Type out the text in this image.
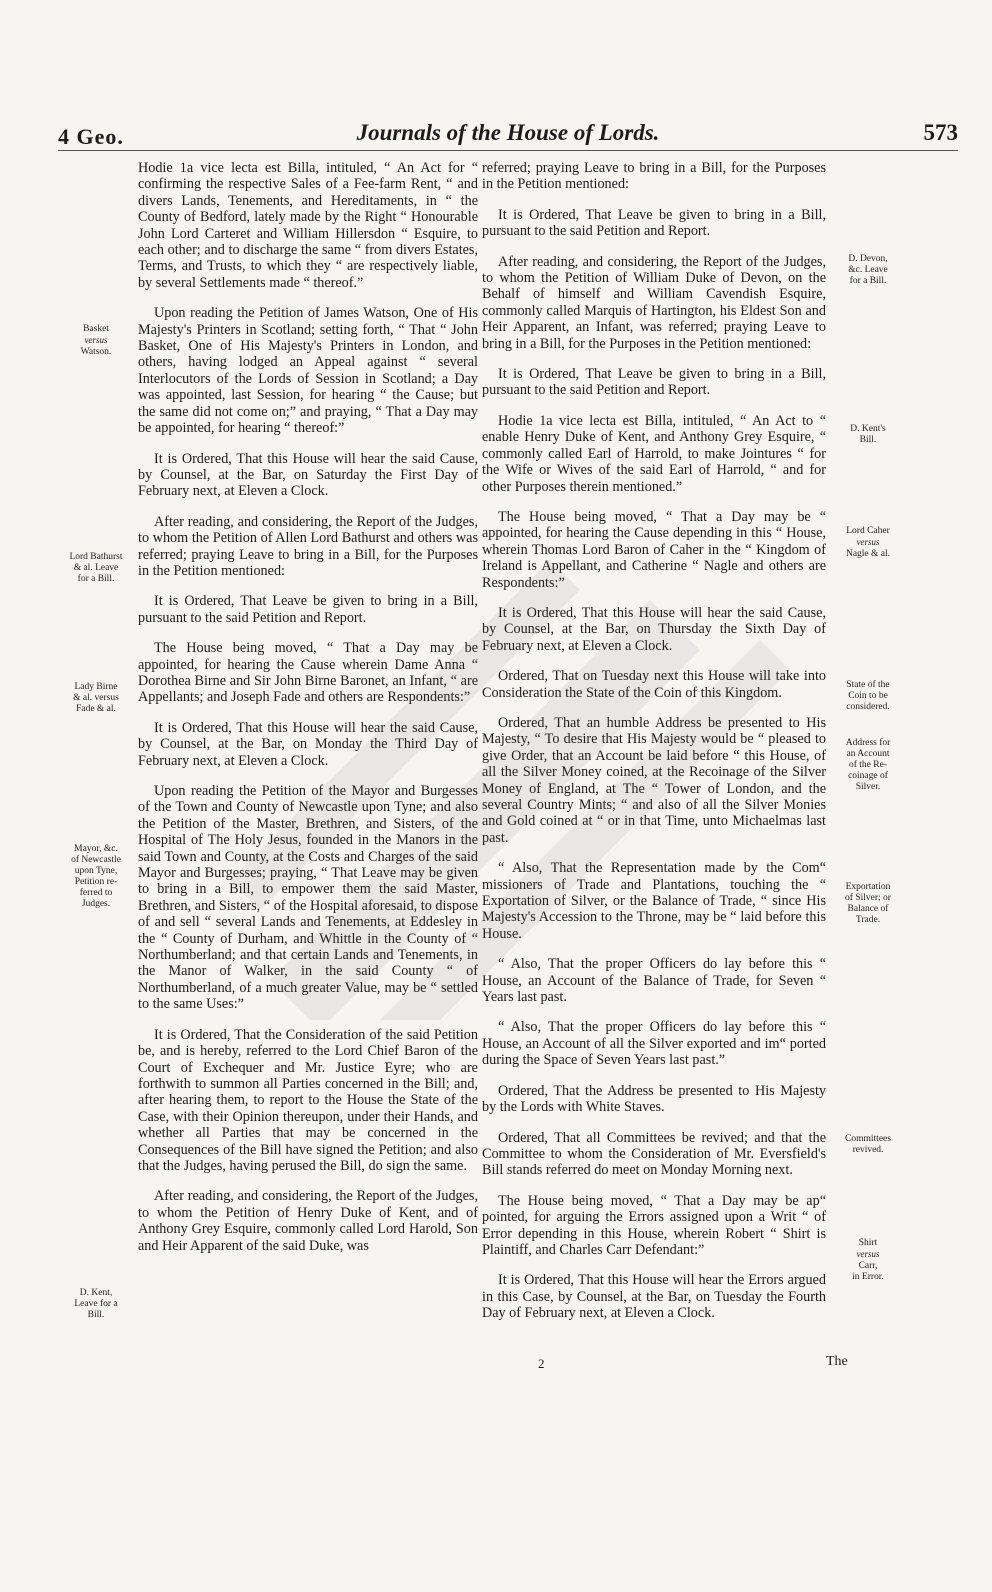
4 Geo.	Journals of the House of Lords.	573

Hodie 1a vice lecta est Billa, intituled, “ An Act for “ confirming the respective Sales of a Fee-farm Rent, “ and divers Lands, Tenements, and Hereditaments, in “ the County of Bedford, lately made by the Right “ Honourable John Lord Carteret and William Hillersdon “ Esquire, to each other; and to discharge the same “ from divers Estates, Terms, and Trusts, to which they “ are respectively liable, by several Settlements made “ thereof.”

Upon reading the Petition of James Watson, One of His Majesty's Printers in Scotland; setting forth, “ That “ John Basket, One of His Majesty's Printers in London, and others, having lodged an Appeal against “ several Interlocutors of the Lords of Session in Scotland; a Day was appointed, last Session, for hearing “ the Cause; but the same did not come on;” and praying, “ That a Day may be appointed, for hearing “ thereof:”

It is Ordered, That this House will hear the said Cause, by Counsel, at the Bar, on Saturday the First Day of February next, at Eleven a Clock.

After reading, and considering, the Report of the Judges, to whom the Petition of Allen Lord Bathurst and others was referred; praying Leave to bring in a Bill, for the Purposes in the Petition mentioned:

It is Ordered, That Leave be given to bring in a Bill, pursuant to the said Petition and Report.

The House being moved, “ That a Day may be appointed, for hearing the Cause wherein Dame Anna “ Dorothea Birne and Sir John Birne Baronet, an Infant, “ are Appellants; and Joseph Fade and others are Respondents:”

It is Ordered, That this House will hear the said Cause, by Counsel, at the Bar, on Monday the Third Day of February next, at Eleven a Clock.

Upon reading the Petition of the Mayor and Burgesses of the Town and County of Newcastle upon Tyne; and also the Petition of the Master, Brethren, and Sisters, of the Hospital of The Holy Jesus, founded in the Manors in the said Town and County, at the Costs and Charges of the said Mayor and Burgesses; praying, “ That Leave may be given to bring in a Bill, to empower them the said Master, Brethren, and Sisters, “ of the Hospital aforesaid, to dispose of and sell “ several Lands and Tenements, at Eddesley in the “ County of Durham, and Whittle in the County of “ Northumberland; and that certain Lands and Tenements, in the Manor of Walker, in the said County “ of Northumberland, of a much greater Value, may be “ settled to the same Uses:”

It is Ordered, That the Consideration of the said Petition be, and is hereby, referred to the Lord Chief Baron of the Court of Exchequer and Mr. Justice Eyre; who are forthwith to summon all Parties concerned in the Bill; and, after hearing them, to report to the House the State of the Case, with their Opinion thereupon, under their Hands, and whether all Parties that may be concerned in the Consequences of the Bill have signed the Petition; and also that the Judges, having perused the Bill, do sign the same.

After reading, and considering, the Report of the Judges, to whom the Petition of Henry Duke of Kent, and of Anthony Grey Esquire, commonly called Lord Harold, Son and Heir Apparent of the said Duke, was

referred; praying Leave to bring in a Bill, for the Purposes in the Petition mentioned:

It is Ordered, That Leave be given to bring in a Bill, pursuant to the said Petition and Report.

After reading, and considering, the Report of the Judges, to whom the Petition of William Duke of Devon, on the Behalf of himself and William Cavendish Esquire, commonly called Marquis of Hartington, his Eldest Son and Heir Apparent, an Infant, was referred; praying Leave to bring in a Bill, for the Purposes in the Petition mentioned:

It is Ordered, That Leave be given to bring in a Bill, pursuant to the said Petition and Report.

Hodie 1a vice lecta est Billa, intituled, “ An Act to “ enable Henry Duke of Kent, and Anthony Grey Esquire, “ commonly called Earl of Harrold, to make Jointures “ for the Wife or Wives of the said Earl of Harrold, “ and for other Purposes therein mentioned.”

The House being moved, “ That a Day may be “ appointed, for hearing the Cause depending in this “ House, wherein Thomas Lord Baron of Caher in the “ Kingdom of Ireland is Appellant, and Catherine “ Nagle and others are Respondents:”

It is Ordered, That this House will hear the said Cause, by Counsel, at the Bar, on Thursday the Sixth Day of February next, at Eleven a Clock.

Ordered, That on Tuesday next this House will take into Consideration the State of the Coin of this Kingdom.

Ordered, That an humble Address be presented to His Majesty, “ To desire that His Majesty would be “ pleased to give Order, that an Account be laid before “ this House, of all the Silver Money coined, at the Recoinage of the Silver Money of England, at The “ Tower of London, and the several Country Mints; “ and also of all the Silver Monies and Gold coined at “ or in that Time, unto Michaelmas last past.

“ Also, That the Representation made by the Com“ missioners of Trade and Plantations, touching the “ Exportation of Silver, or the Balance of Trade, “ since His Majesty's Accession to the Throne, may be “ laid before this House.

“ Also, That the proper Officers do lay before this “ House, an Account of the Balance of Trade, for Seven “ Years last past.

“ Also, That the proper Officers do lay before this “ House, an Account of all the Silver exported and im“ ported during the Space of Seven Years last past.”

Ordered, That the Address be presented to His Majesty by the Lords with White Staves.

Ordered, That all Committees be revived; and that the Committee to whom the Consideration of Mr. Eversfield's Bill stands referred do meet on Monday Morning next.

The House being moved, “ That a Day may be ap“ pointed, for arguing the Errors assigned upon a Writ “ of Error depending in this House, wherein Robert “ Shirt is Plaintiff, and Charles Carr Defendant:”

It is Ordered, That this House will hear the Errors argued in this Case, by Counsel, at the Bar, on Tuesday the Fourth Day of February next, at Eleven a Clock.

Basket
versus
Watson.
Lord Bathurst
& al. Leave
for a Bill.
Lady Birne
& al. versus
Fade & al.
Mayor, &c.
of Newcastle
upon Tyne,
Petition re-
ferred to
Judges.
D. Kent,
Leave for a
Bill.
D. Devon,
&c. Leave
for a Bill.
D. Kent's
Bill.
Lord Caher
versus
Nagle & al.
State of the
Coin to be
considered.
Address for
an Account
of the Re-
coinage of
Silver.
Exportation
of Silver; or
Balance of
Trade.
Committees
revived.
Shirt
versus
Carr,
in Error.
2	The
